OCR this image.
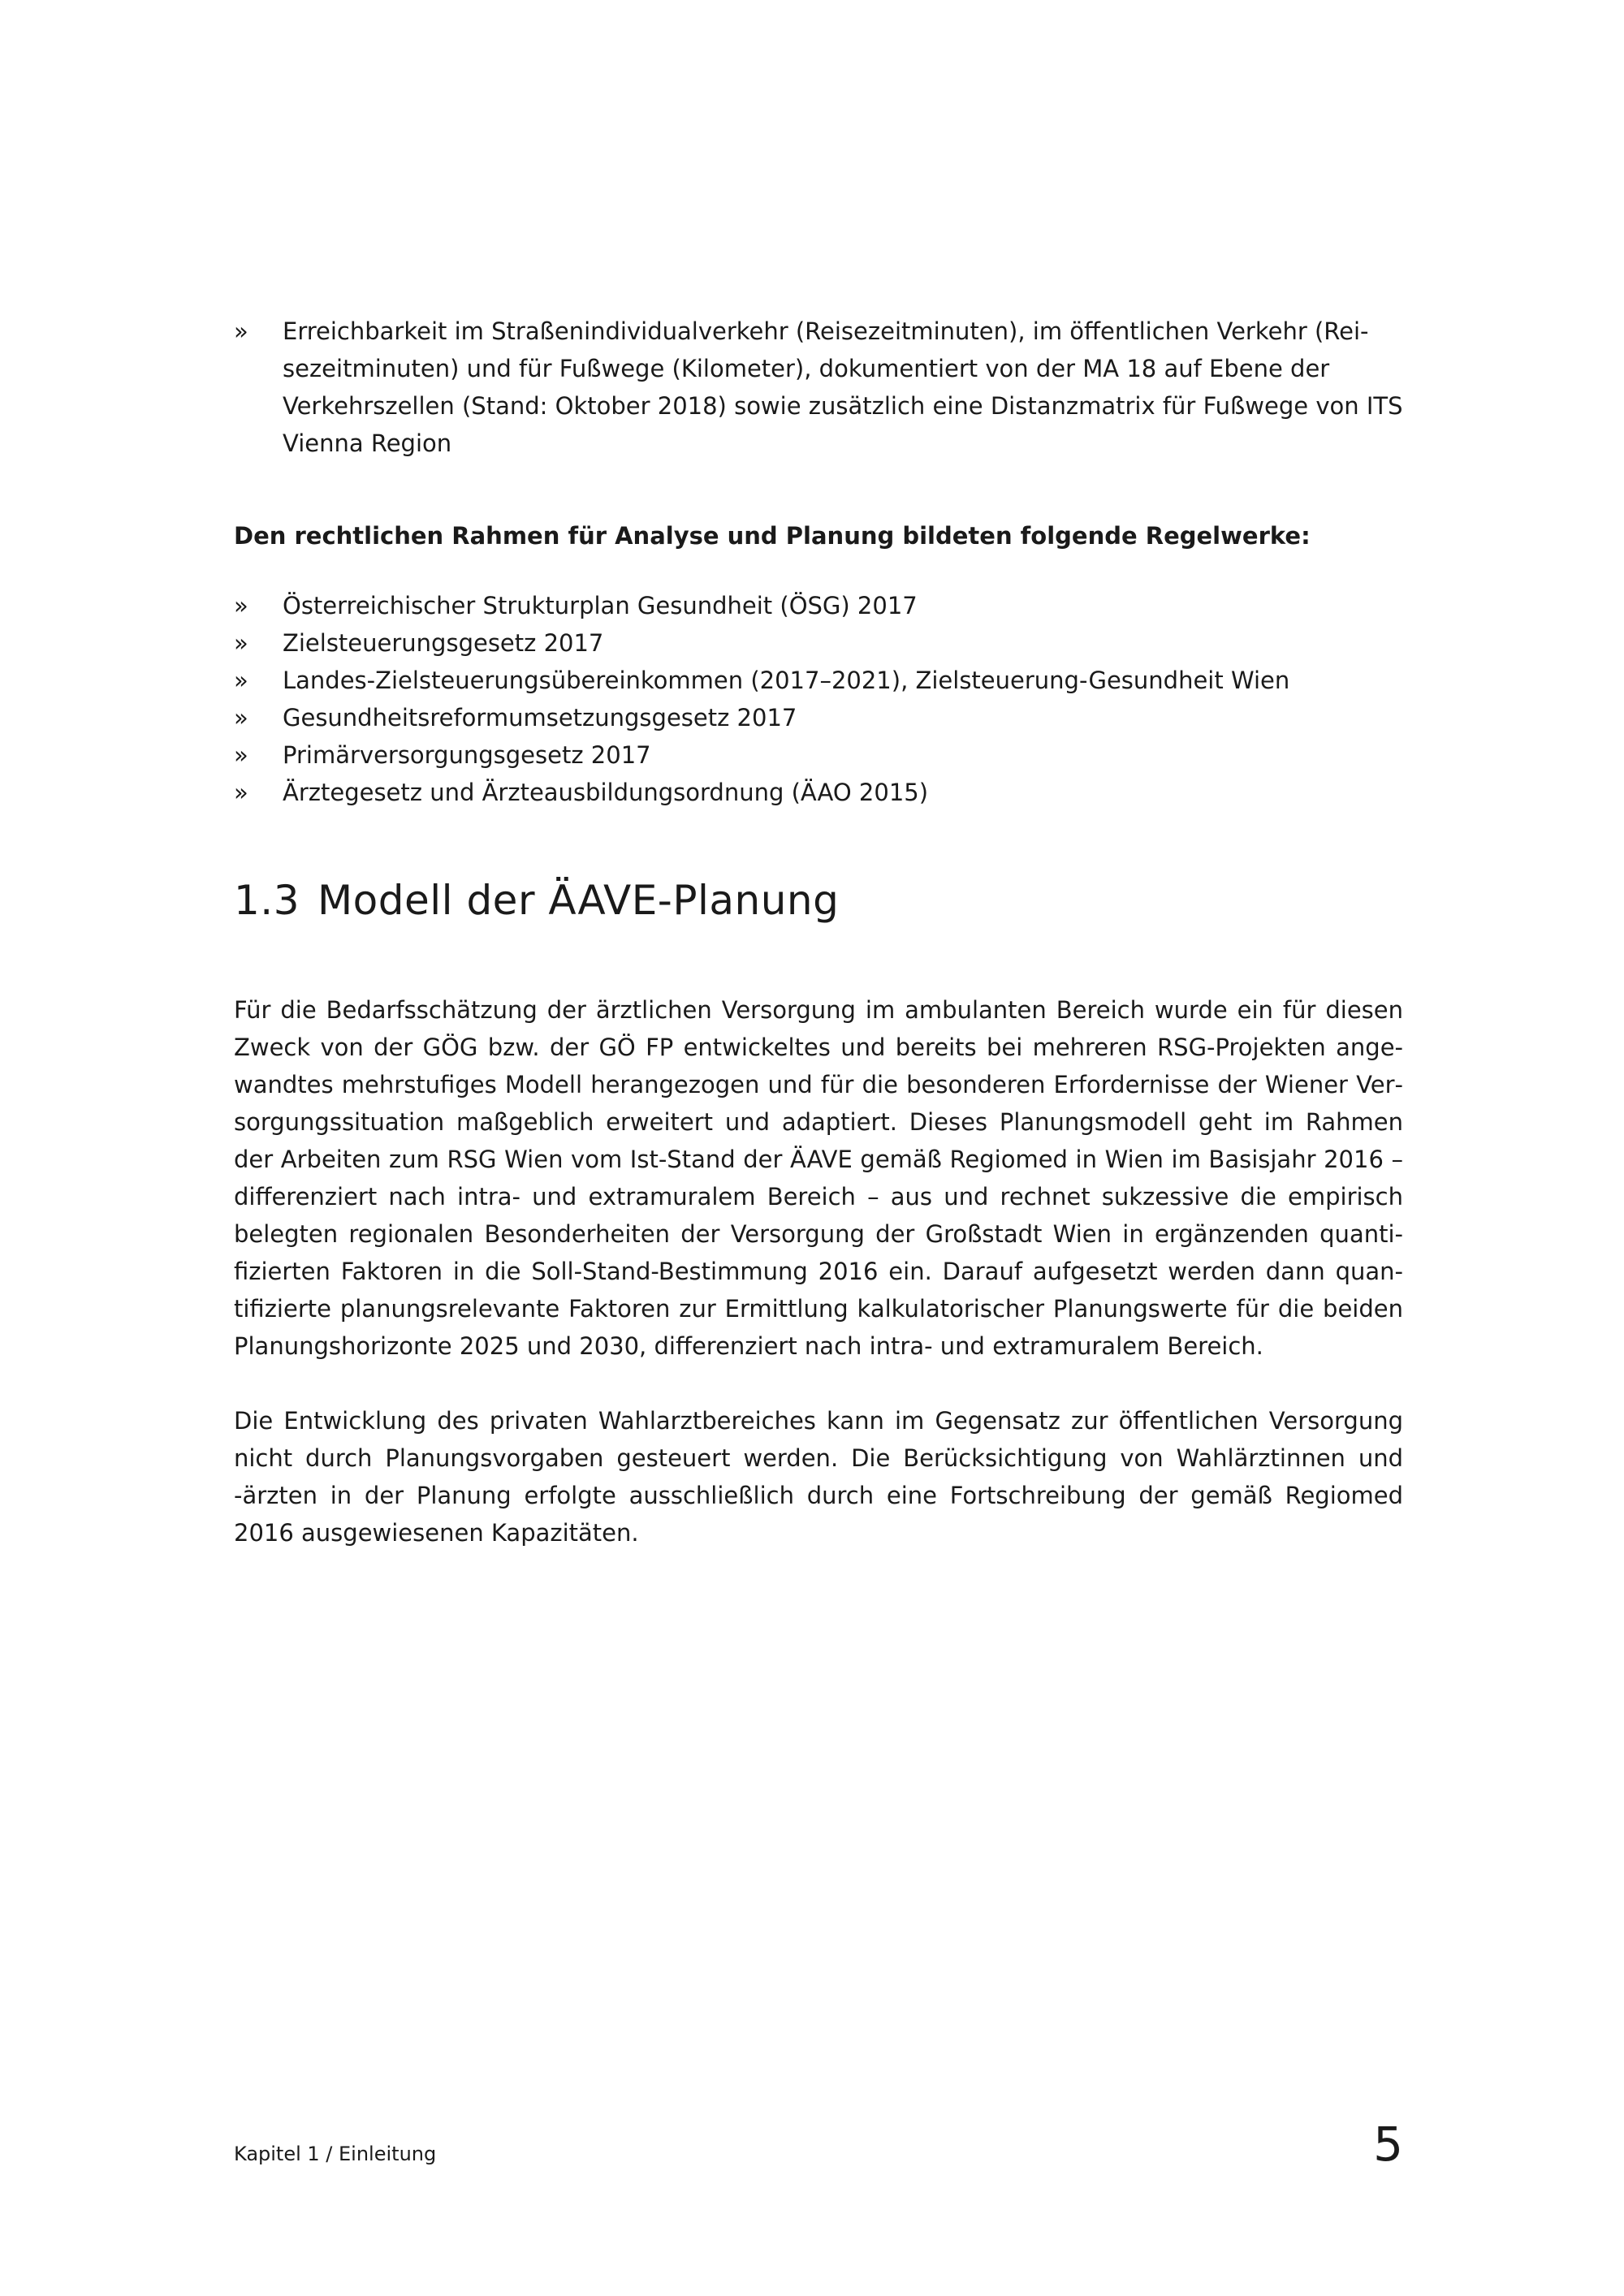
» Erreichbarkeit im Straßenindividualverkehr (Reisezeitminuten), im öffentlichen Verkehr (Reisezeitminuten) und für Fußwege (Kilometer), dokumentiert von der MA 18 auf Ebene der Verkehrszellen (Stand: Oktober 2018) sowie zusätzlich eine Distanzmatrix für Fußwege von ITS Vienna Region

Den rechtlichen Rahmen für Analyse und Planung bildeten folgende Regelwerke:

» Österreichischer Strukturplan Gesundheit (ÖSG) 2017
» Zielsteuerungsgesetz 2017
» Landes-Zielsteuerungsübereinkommen (2017–2021), Zielsteuerung-Gesundheit Wien
» Gesundheitsreformumsetzungsgesetz 2017
» Primärversorgungsgesetz 2017
» Ärztegesetz und Ärzteausbildungsordnung (ÄAO 2015)
1.3 Modell der ÄAVE-Planung

Für die Bedarfsschätzung der ärztlichen Versorgung im ambulanten Bereich wurde ein für diesen Zweck von der GÖG bzw. der GÖ FP entwickeltes und bereits bei mehreren RSG-Projekten angewandtes mehrstufiges Modell herangezogen und für die besonderen Erfordernisse der Wiener Versorgungssituation maßgeblich erweitert und adaptiert. Dieses Planungsmodell geht im Rahmen der Arbeiten zum RSG Wien vom Ist-Stand der ÄAVE gemäß Regiomed in Wien im Basisjahr 2016 – differenziert nach intra- und extramuralem Bereich – aus und rechnet sukzessive die empirisch belegten regionalen Besonderheiten der Versorgung der Großstadt Wien in ergänzenden quantifizierten Faktoren in die Soll-Stand-Bestimmung 2016 ein. Darauf aufgesetzt werden dann quantifizierte planungsrelevante Faktoren zur Ermittlung kalkulatorischer Planungswerte für die beiden Planungshorizonte 2025 und 2030, differenziert nach intra- und extramuralem Bereich.

Die Entwicklung des privaten Wahlarztbereiches kann im Gegensatz zur öffentlichen Versorgung nicht durch Planungsvorgaben gesteuert werden. Die Berücksichtigung von Wahlärztinnen und -ärzten in der Planung erfolgte ausschließlich durch eine Fortschreibung der gemäß Regiomed 2016 ausgewiesenen Kapazitäten.

Kapitel 1 / Einleitung	5
